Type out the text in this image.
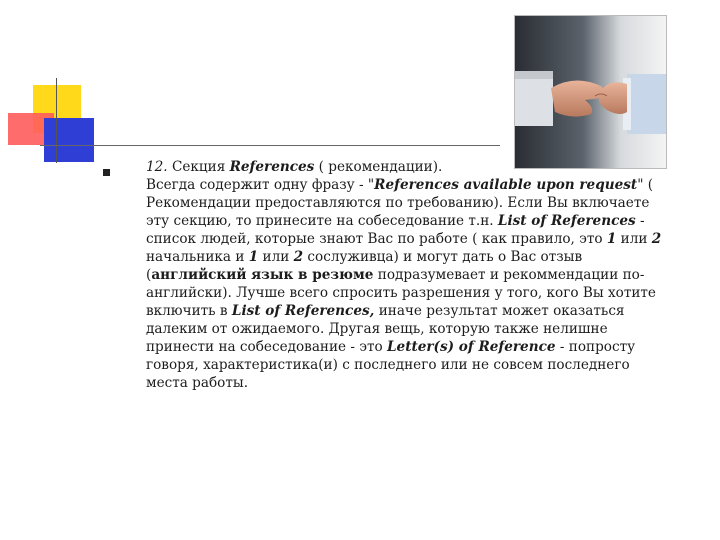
12. Секция References ( рекомендации).
Всегда содержит одну фразу - "References available upon request" ( Рекомендации предоставляются по требованию). Если Вы включаете эту секцию, то принесите на собеседование т.н. List of References - список людей, которые знают Вас по работе ( как правило, это 1 или 2 начальника и 1 или 2 сослуживца) и могут дать о Вас отзыв (английский язык в резюме подразумевает и рекоммендации по-английски). Лучше всего спросить разрешения у того, кого Вы хотите включить в List of References, иначе результат может оказаться далеким от ожидаемого. Другая вещь, которую также нелишне принести на собеседование - это Letter(s) of Reference - попросту говоря, характеристика(и) с последнего или не совсем последнего места работы.
